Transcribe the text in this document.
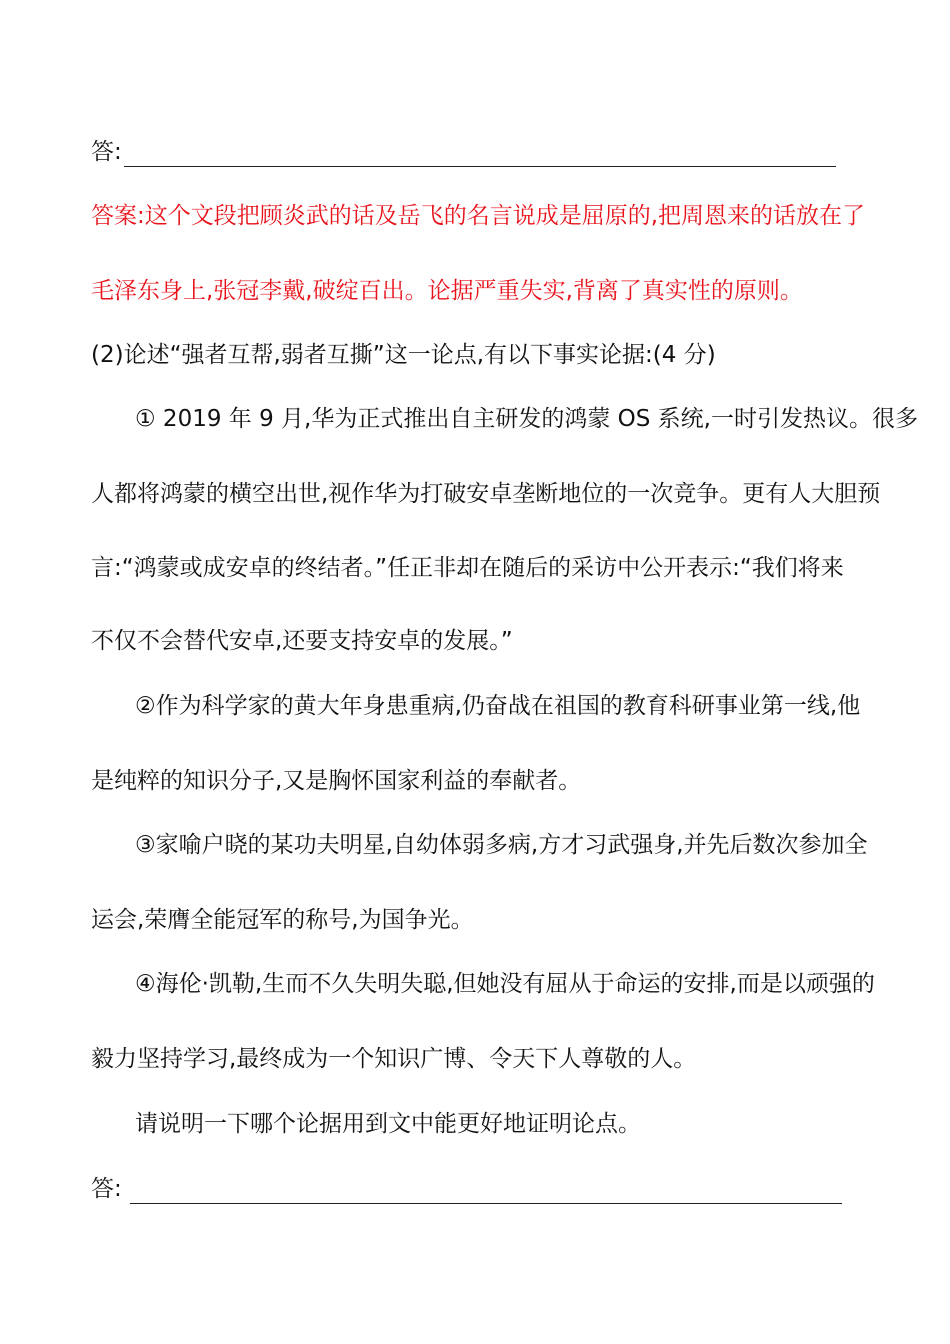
答:
答案:这个文段把顾炎武的话及岳飞的名言说成是屈原的,把周恩来的话放在了
毛泽东身上,张冠李戴,破绽百出。论据严重失实,背离了真实性的原则。
(2)论述“强者互帮,弱者互撕”这一论点,有以下事实论据:(4 分)
① 2019 年 9 月,华为正式推出自主研发的鸿蒙 OS 系统,一时引发热议。很多
人都将鸿蒙的横空出世,视作华为打破安卓垄断地位的一次竞争。更有人大胆预
言:“鸿蒙或成安卓的终结者。”任正非却在随后的采访中公开表示:“我们将来
不仅不会替代安卓,还要支持安卓的发展。”
②作为科学家的黄大年身患重病,仍奋战在祖国的教育科研事业第一线,他
是纯粹的知识分子,又是胸怀国家利益的奉献者。
③家喻户晓的某功夫明星,自幼体弱多病,方才习武强身,并先后数次参加全
运会,荣膺全能冠军的称号,为国争光。
④海伦·凯勒,生而不久失明失聪,但她没有屈从于命运的安排,而是以顽强的
毅力坚持学习,最终成为一个知识广博、令天下人尊敬的人。
请说明一下哪个论据用到文中能更好地证明论点。
答:
